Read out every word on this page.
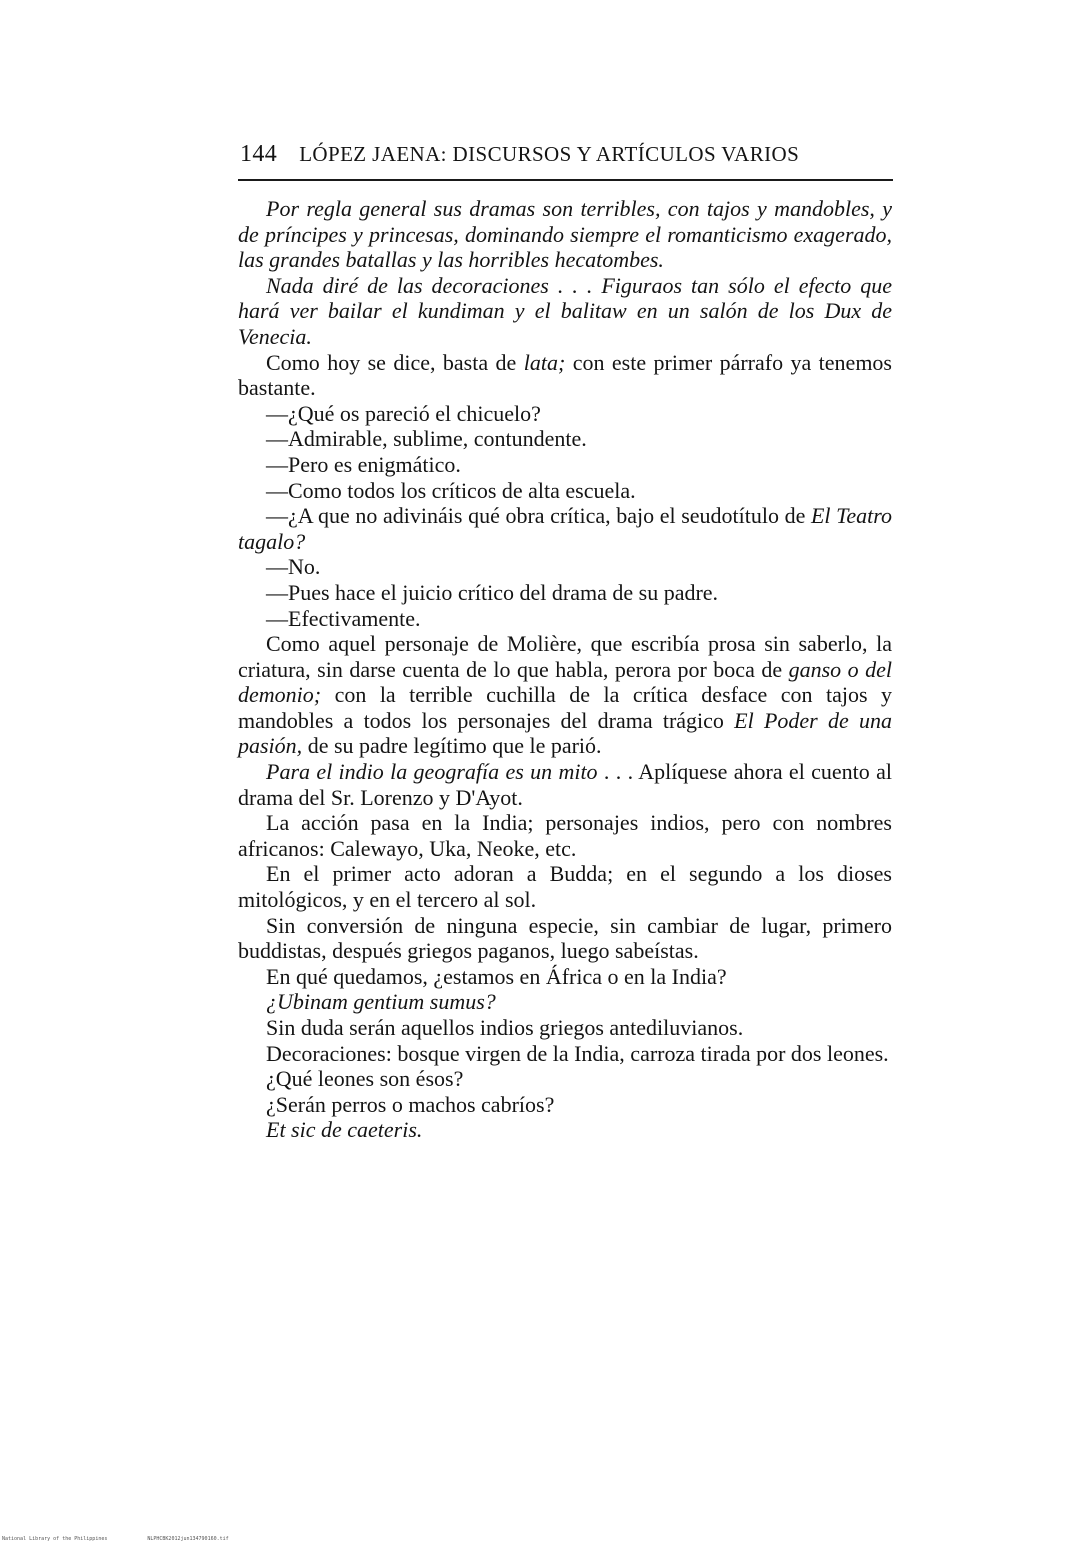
144 LÓPEZ JAENA: DISCURSOS Y ARTÍCULOS VARIOS

Por regla general sus dramas son terribles, con tajos y mandobles, y de príncipes y princesas, dominando siempre el romanticismo exagerado, las grandes batallas y las horribles hecatombes.

Nada diré de las decoraciones . . . Figuraos tan sólo el efecto que hará ver bailar el kundiman y el balitaw en un salón de los Dux de Venecia.

Como hoy se dice, basta de lata; con este primer párrafo ya tenemos bastante.

—¿Qué os pareció el chicuelo?

—Admirable, sublime, contundente.

—Pero es enigmático.

—Como todos los críticos de alta escuela.

—¿A que no adivináis qué obra crítica, bajo el seudotítulo de El Teatro tagalo?

—No.

—Pues hace el juicio crítico del drama de su padre.

—Efectivamente.

Como aquel personaje de Molière, que escribía prosa sin saberlo, la criatura, sin darse cuenta de lo que habla, perora por boca de ganso o del demonio; con la terrible cuchilla de la crítica desface con tajos y mandobles a todos los personajes del drama trágico El Poder de una pasión, de su padre legítimo que le parió.

Para el indio la geografía es un mito . . . Aplíquese ahora el cuento al drama del Sr. Lorenzo y D'Ayot.

La acción pasa en la India; personajes indios, pero con nombres africanos: Calewayo, Uka, Neoke, etc.

En el primer acto adoran a Budda; en el segundo a los dioses mitológicos, y en el tercero al sol.

Sin conversión de ninguna especie, sin cambiar de lugar, primero buddistas, después griegos paganos, luego sabeístas.

En qué quedamos, ¿estamos en África o en la India?

¿Ubinam gentium sumus?

Sin duda serán aquellos indios griegos antediluvianos.

Decoraciones: bosque virgen de la India, carroza tirada por dos leones.

¿Qué leones son ésos?

¿Serán perros o machos cabríos?

Et sic de caeteris.

National Library of the Philippines	NLPHCBK2012jun134790160.tif
